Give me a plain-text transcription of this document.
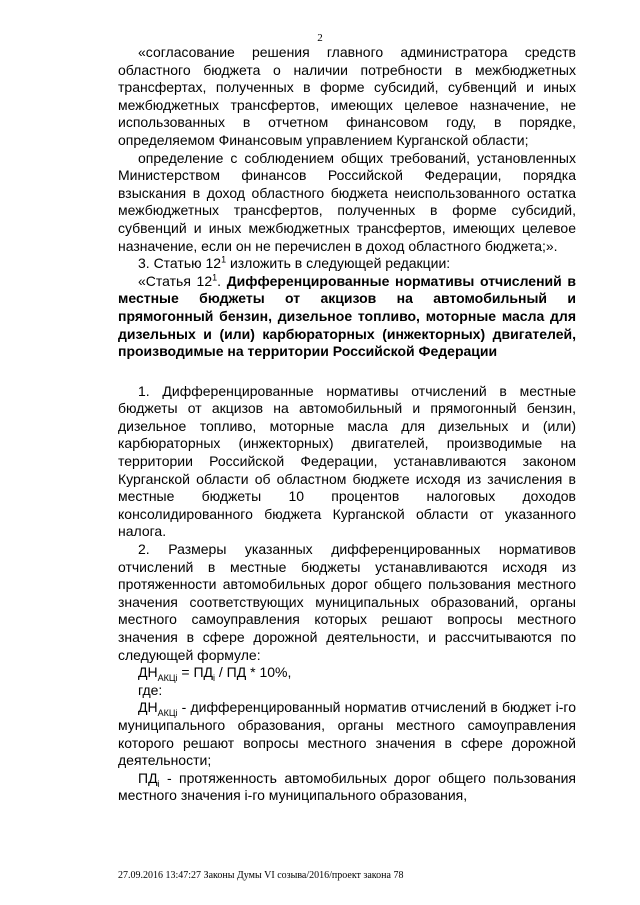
2

«согласование решения главного администратора средств областного бюджета о наличии потребности в межбюджетных трансфертах, полученных в форме субсидий, субвенций и иных межбюджетных трансфертов, имеющих целевое назначение, не использованных в отчетном финансовом году, в порядке, определяемом Финансовым управлением Курганской области;

определение с соблюдением общих требований, установленных Министерством финансов Российской Федерации, порядка взыскания в доход областного бюджета неиспользованного остатка межбюджетных трансфертов, полученных в форме субсидий, субвенций и иных межбюджетных трансфертов, имеющих целевое назначение, если он не перечислен в доход областного бюджета;».

3. Статью $12^1$ изложить в следующей редакции:

«Статья $12^1$. Дифференцированные нормативы отчислений в местные бюджеты от акцизов на автомобильный и прямогонный бензин, дизельное топливо, моторные масла для дизельных и (или) карбюраторных (инжекторных) двигателей, производимые на территории Российской Федерации

1. Дифференцированные нормативы отчислений в местные бюджеты от акцизов на автомобильный и прямогонный бензин, дизельное топливо, моторные масла для дизельных и (или) карбюраторных (инжекторных) двигателей, производимые на территории Российской Федерации, устанавливаются законом Курганской области об областном бюджете исходя из зачисления в местные бюджеты 10 процентов налоговых доходов консолидированного бюджета Курганской области от указанного налога.

2. Размеры указанных дифференцированных нормативов отчислений в местные бюджеты устанавливаются исходя из протяженности автомобильных дорог общего пользования местного значения соответствующих муниципальных образований, органы местного самоуправления которых решают вопросы местного значения в сфере дорожной деятельности, и рассчитываются по следующей формуле:

$ДН_{АКЦi} = ПД_i$ / ПД * 10%,

где:

$ДН_{АКЦi}$ - дифференцированный норматив отчислений в бюджет i-го муниципального образования, органы местного самоуправления которого решают вопросы местного значения в сфере дорожной деятельности;

$ПД_i$ - протяженность автомобильных дорог общего пользования местного значения i-го муниципального образования,

27.09.2016 13:47:27 Законы Думы VI созыва/2016/проект закона 78
